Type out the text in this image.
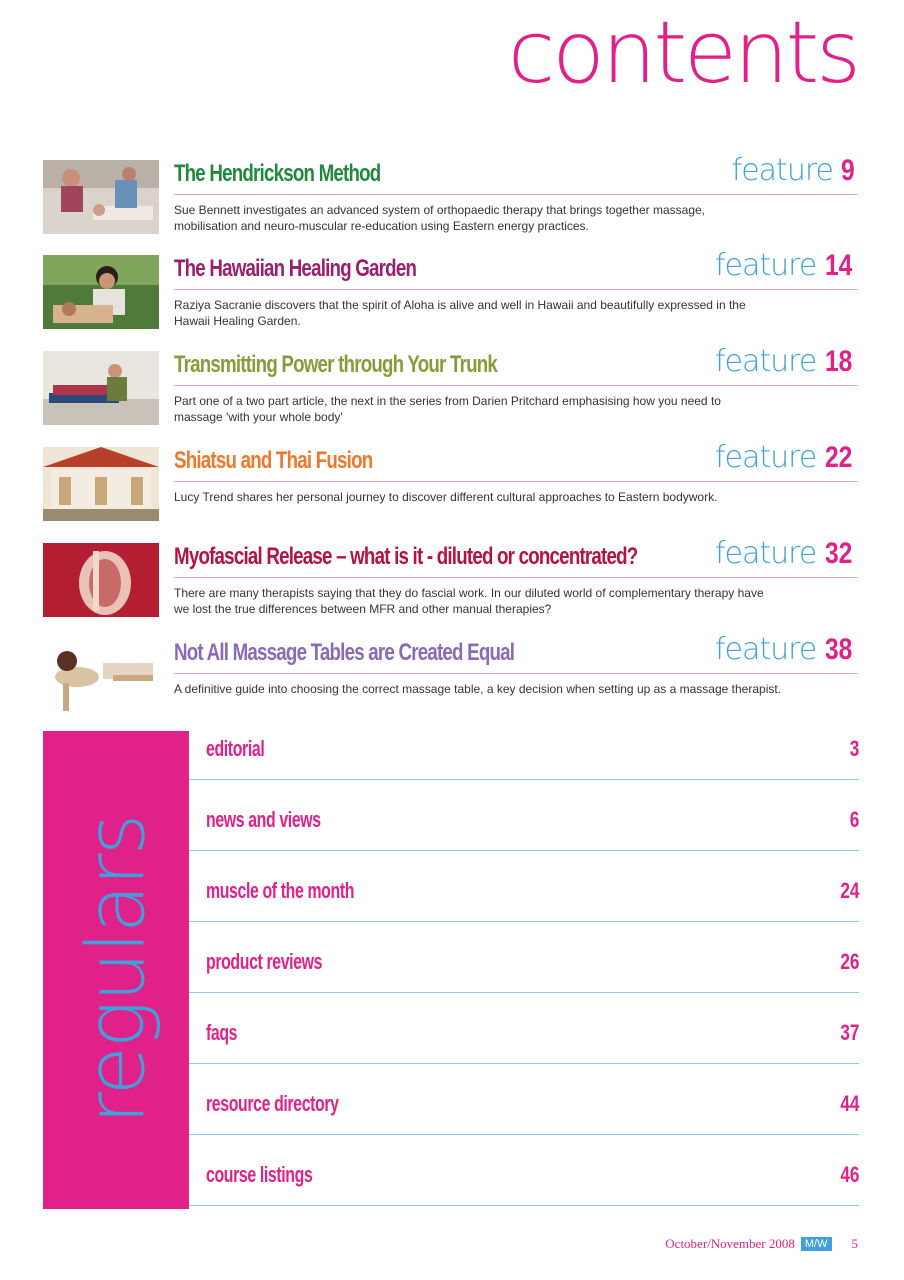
contents
The Hendrickson Method	feature 9
Sue Bennett investigates an advanced system of orthopaedic therapy that brings together massage, mobilisation and neuro-muscular re-education using Eastern energy practices.
The Hawaiian Healing Garden	feature 14
Raziya Sacranie discovers that the spirit of Aloha is alive and well in Hawaii and beautifully expressed in the Hawaii Healing Garden.
Transmitting Power through Your Trunk	feature 18
Part one of a two part article, the next in the series from Darien Pritchard emphasising how you need to massage 'with your whole body'
Shiatsu and Thai Fusion	feature 22
Lucy Trend shares her personal journey to discover different cultural approaches to Eastern bodywork.
Myofascial Release – what is it - diluted or concentrated?	feature 32
There are many therapists saying that they do fascial work. In our diluted world of complementary therapy have we lost the true differences between MFR and other manual therapies?
Not All Massage Tables are Created Equal	feature 38
A definitive guide into choosing the correct massage table, a key decision when setting up as a massage therapist.
regulars
editorial	3
news and views	6
muscle of the month	24
product reviews	26
faqs	37
resource directory	44
course listings	46
October/November 2008 M/W	5
